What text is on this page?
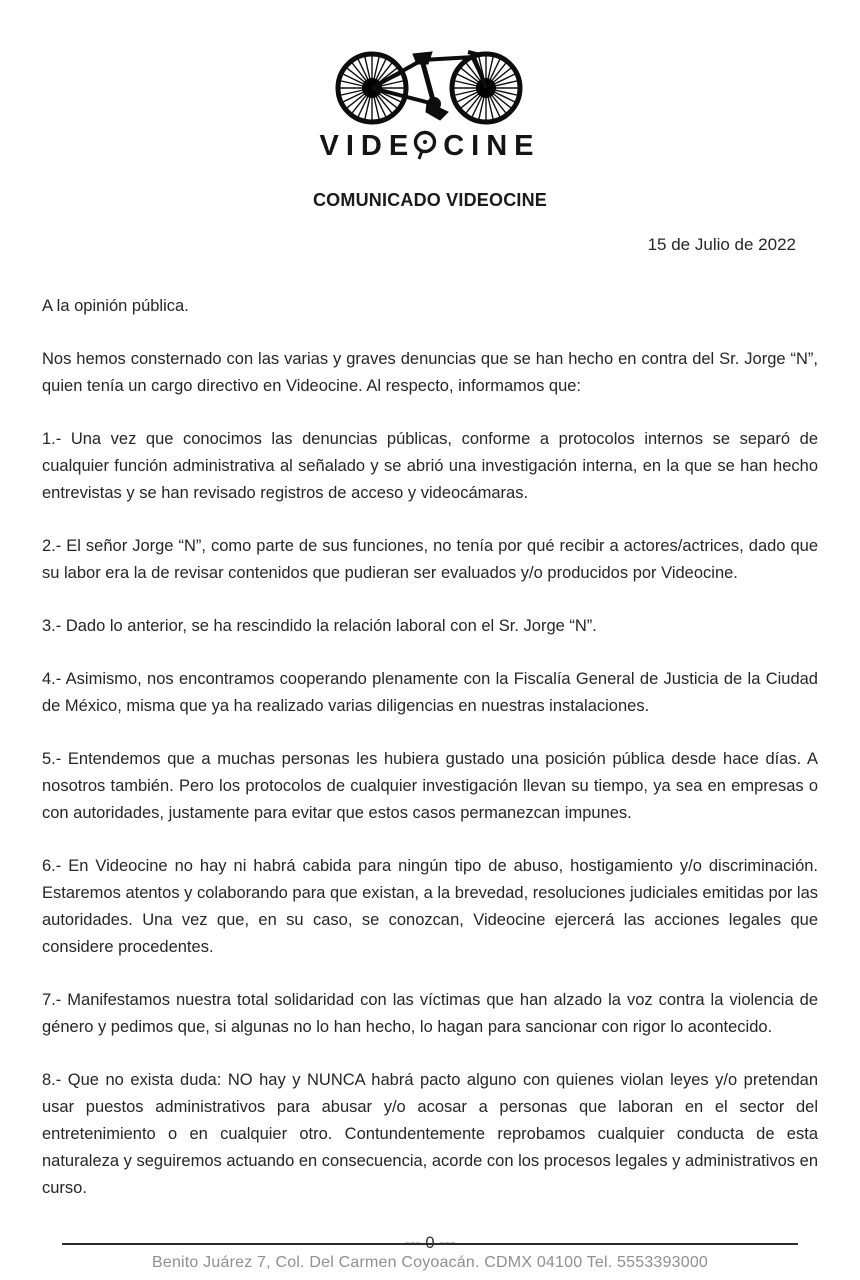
VIDE CINE
COMUNICADO VIDEOCINE
15 de Julio de 2022

A la opinión pública.

Nos hemos consternado con las varias y graves denuncias que se han hecho en contra del Sr. Jorge “N”, quien tenía un cargo directivo en Videocine. Al respecto, informamos que:

1.- Una vez que conocimos las denuncias públicas, conforme a protocolos internos se separó de cualquier función administrativa al señalado y se abrió una investigación interna, en la que se han hecho entrevistas y se han revisado registros de acceso y videocámaras.

2.- El señor Jorge “N”, como parte de sus funciones, no tenía por qué recibir a actores/actrices, dado que su labor era la de revisar contenidos que pudieran ser evaluados y/o producidos por Videocine.

3.- Dado lo anterior, se ha rescindido la relación laboral con el Sr. Jorge “N”.

4.- Asimismo, nos encontramos cooperando plenamente con la Fiscalía General de Justicia de la Ciudad de México, misma que ya ha realizado varias diligencias en nuestras instalaciones.

5.- Entendemos que a muchas personas les hubiera gustado una posición pública desde hace días. A nosotros también. Pero los protocolos de cualquier investigación llevan su tiempo, ya sea en empresas o con autoridades, justamente para evitar que estos casos permanezcan impunes.

6.- En Videocine no hay ni habrá cabida para ningún tipo de abuso, hostigamiento y/o discriminación. Estaremos atentos y colaborando para que existan, a la brevedad, resoluciones judiciales emitidas por las autoridades. Una vez que, en su caso, se conozcan, Videocine ejercerá las acciones legales que considere procedentes.

7.- Manifestamos nuestra total solidaridad con las víctimas que han alzado la voz contra la violencia de género y pedimos que, si algunas no lo han hecho, lo hagan para sancionar con rigor lo acontecido.

8.- Que no exista duda: NO hay y NUNCA habrá pacto alguno con quienes violan leyes y/o pretendan usar puestos administrativos para abusar y/o acosar a personas que laboran en el sector del entretenimiento o en cualquier otro. Contundentemente reprobamos cualquier conducta de esta naturaleza y seguiremos actuando en consecuencia, acorde con los procesos legales y administrativos en curso.

--- 0 ---

Benito Juárez 7, Col. Del Carmen Coyoacán. CDMX 04100 Tel. 5553393000
